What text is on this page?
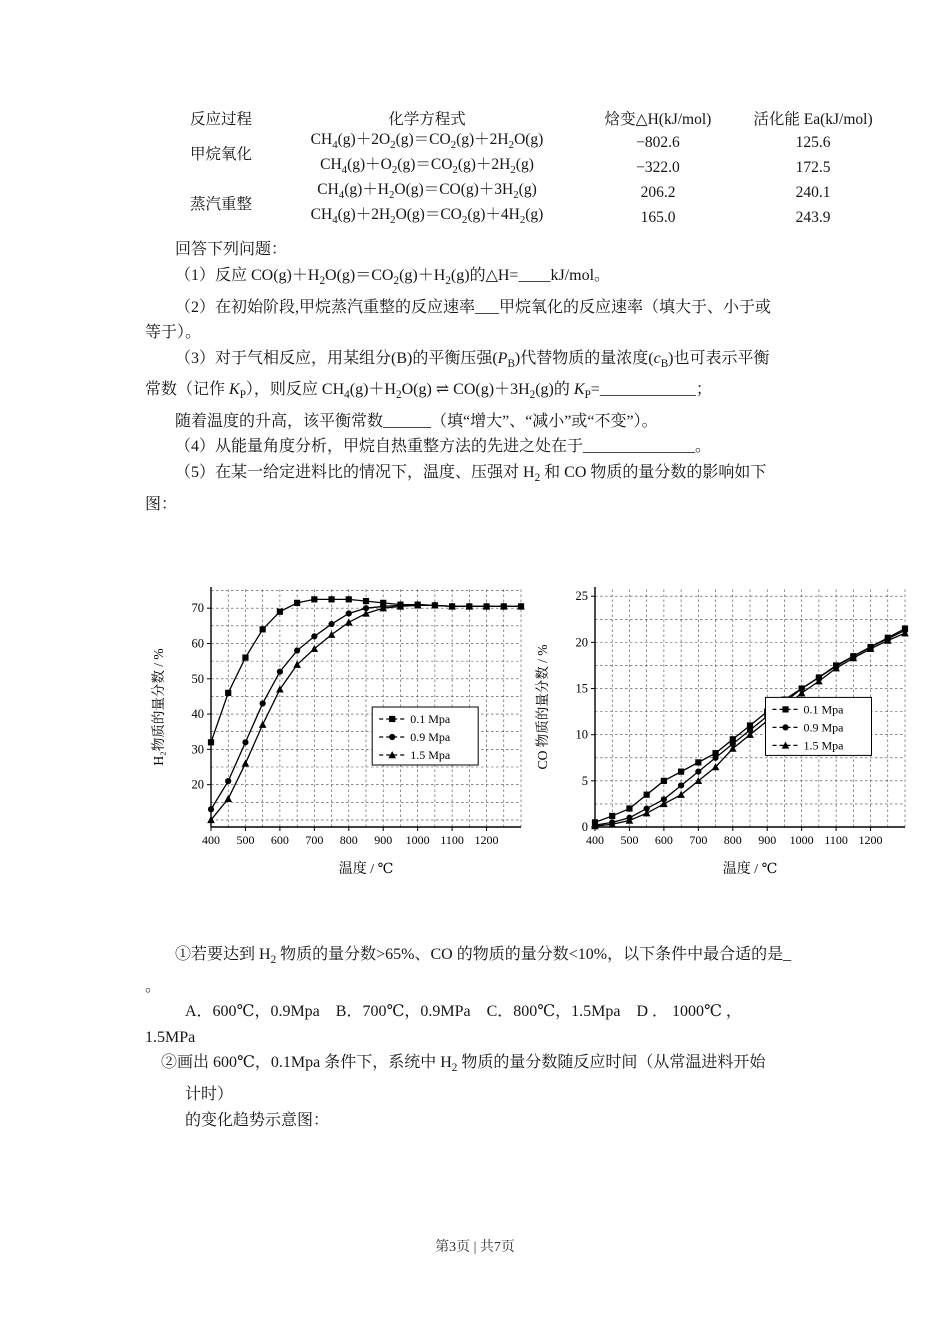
反应过程	化学方程式	焓变△H(kJ/mol)	活化能 Ea(kJ/mol)
甲烷氧化	$CH_4(g)+2O_2(g)=CO_2(g)+2H_2O(g)$	−802.6	125.6
	$CH_4(g)+O_2(g)=CO_2(g)+2H_2(g)$	−322.0	172.5
蒸汽重整	$CH_4(g)+H_2O(g)=CO(g)+3H_2(g)$	206.2	240.1
	$CH_4(g)+2H_2O(g)=CO_2(g)+4H_2(g)$	165.0	243.9

回答下列问题：

（1）反应 $CO(g)+H_2O(g)=CO_2(g)+H_2(g)$的△H=____kJ/mol。

（2）在初始阶段,甲烷蒸汽重整的反应速率___甲烷氧化的反应速率（填大于、小于或

等于）。

（3）对于气相反应，用某组分(B)的平衡压强$(P_B)$代替物质的量浓度$(c_B)$也可表示平衡

常数（记作 $K_P$），则反应 $CH_4(g)+H_2O(g)$ ⇌ $CO(g)+3H_2(g)$的 $K_P=\_\_\_\_\_\_\_\_\_\_\_\_$；

随着温度的升高，该平衡常数______（填“增大”、“减小”或“不变”）。

（4）从能量角度分析，甲烷自热重整方法的先进之处在于______________。

（5）在某一给定进料比的情况下，温度、压强对 $H_2$ 和 CO 物质的量分数的影响如下

图：

400 500 600 700 800 900 1000 1100 1200
20
30
40
50
60
70
温度 / ℃
H₂物质的量分数 / %	0.1 Mpa
0.9 Mpa
1.5 Mpa
400 500 600 700 800 900 1000 1100 1200
0
5
10
15
20
25
温度 / ℃
CO 物质的量分数 / %	0.1 Mpa
0.9 Mpa
1.5 Mpa

①若要达到 $H_2$ 物质的量分数>65%、CO 的物质的量分数<10%，以下条件中最合适的是_

。

A．600℃，0.9Mpa　B．700℃，0.9MPa　C．800℃，1.5Mpa　D ． 1000℃ ，

1.5MPa

②画出 600℃，0.1Mpa 条件下，系统中 $H_2$ 物质的量分数随反应时间（从常温进料开始

计时）

的变化趋势示意图：

第3页 | 共7页
